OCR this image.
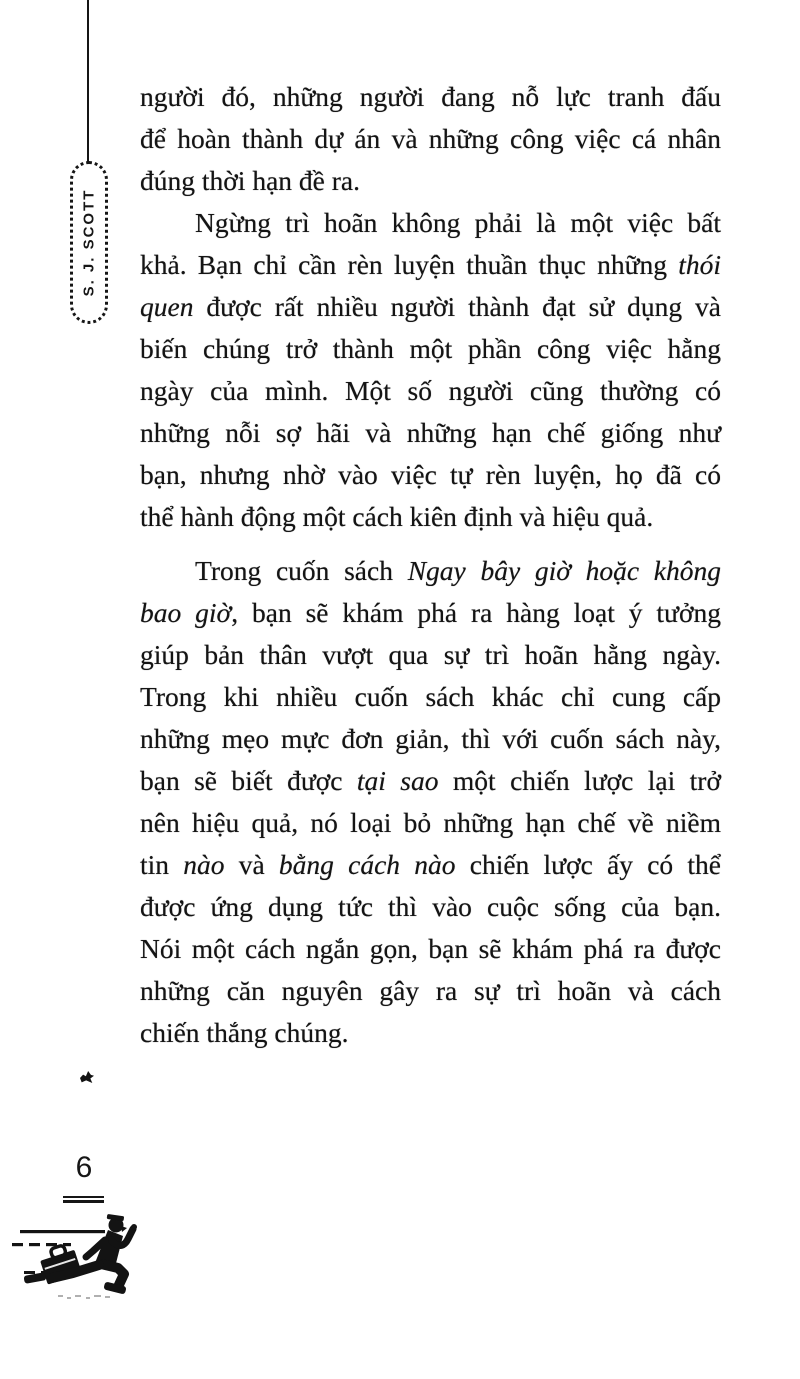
S. J. SCOTT
người đó, những người đang nỗ lực tranh đấu
để hoàn thành dự án và những công việc cá nhân
đúng thời hạn đề ra.
Ngừng trì hoãn không phải là một việc bất
khả. Bạn chỉ cần rèn luyện thuần thục những thói
quen được rất nhiều người thành đạt sử dụng và
biến chúng trở thành một phần công việc hằng
ngày của mình. Một số người cũng thường có
những nỗi sợ hãi và những hạn chế giống như
bạn, nhưng nhờ vào việc tự rèn luyện, họ đã có
thể hành động một cách kiên định và hiệu quả.
Trong cuốn sách Ngay bây giờ hoặc không
bao giờ, bạn sẽ khám phá ra hàng loạt ý tưởng
giúp bản thân vượt qua sự trì hoãn hằng ngày.
Trong khi nhiều cuốn sách khác chỉ cung cấp
những mẹo mực đơn giản, thì với cuốn sách này,
bạn sẽ biết được tại sao một chiến lược lại trở
nên hiệu quả, nó loại bỏ những hạn chế về niềm
tin nào và bằng cách nào chiến lược ấy có thể
được ứng dụng tức thì vào cuộc sống của bạn.
Nói một cách ngắn gọn, bạn sẽ khám phá ra được
những căn nguyên gây ra sự trì hoãn và cách
chiến thắng chúng.
6
